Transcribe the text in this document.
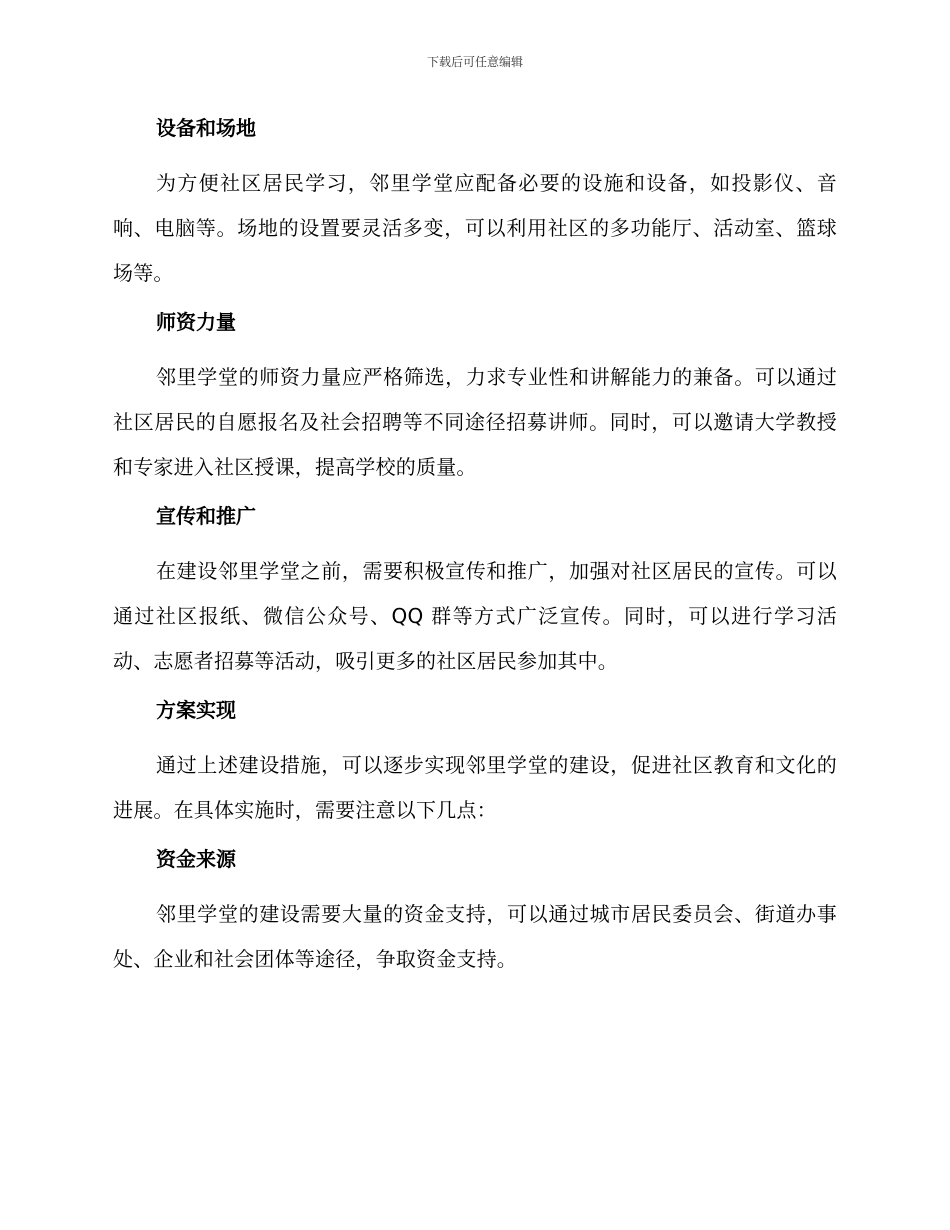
下载后可任意编辑
设备和场地

为方便社区居民学习，邻里学堂应配备必要的设施和设备，如投影仪、音响、电脑等。场地的设置要灵活多变，可以利用社区的多功能厅、活动室、篮球场等。

师资力量

邻里学堂的师资力量应严格筛选，力求专业性和讲解能力的兼备。可以通过社区居民的自愿报名及社会招聘等不同途径招募讲师。同时，可以邀请大学教授和专家进入社区授课，提高学校的质量。

宣传和推广

在建设邻里学堂之前，需要积极宣传和推广，加强对社区居民的宣传。可以通过社区报纸、微信公众号、QQ 群等方式广泛宣传。同时，可以进行学习活动、志愿者招募等活动，吸引更多的社区居民参加其中。

方案实现

通过上述建设措施，可以逐步实现邻里学堂的建设，促进社区教育和文化的进展。在具体实施时，需要注意以下几点：

资金来源

邻里学堂的建设需要大量的资金支持，可以通过城市居民委员会、街道办事处、企业和社会团体等途径，争取资金支持。
